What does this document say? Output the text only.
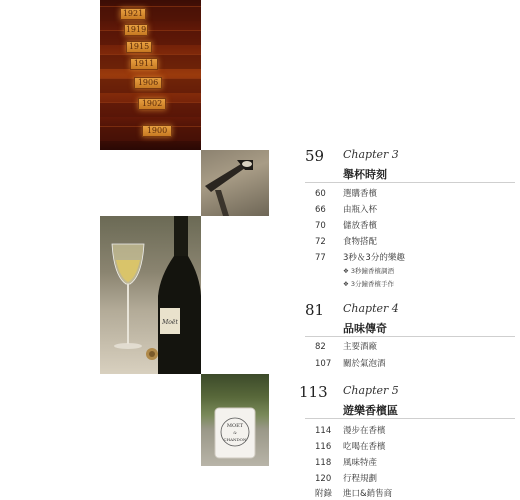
1921
1919
1915
1911
1906
1902
1900
Moët
MOET
&
CHANDON
59 Chapter 3
舉杯時刻
60 選購香檳
66 由瓶入杯
70 儲放香檳
72 食物搭配
77 3秒＆3分的樂趣
❖ 3秒鐘香檳調酒
❖ 3分鐘香檳手作
81 Chapter 4
品味傳奇
82 主要酒廠
107 關於氣泡酒
113 Chapter 5
遊樂香檳區
114 漫步在香檳
116 吃喝在香檳
118 風味特產
120 行程規劃
附錄 進口&銷售商
